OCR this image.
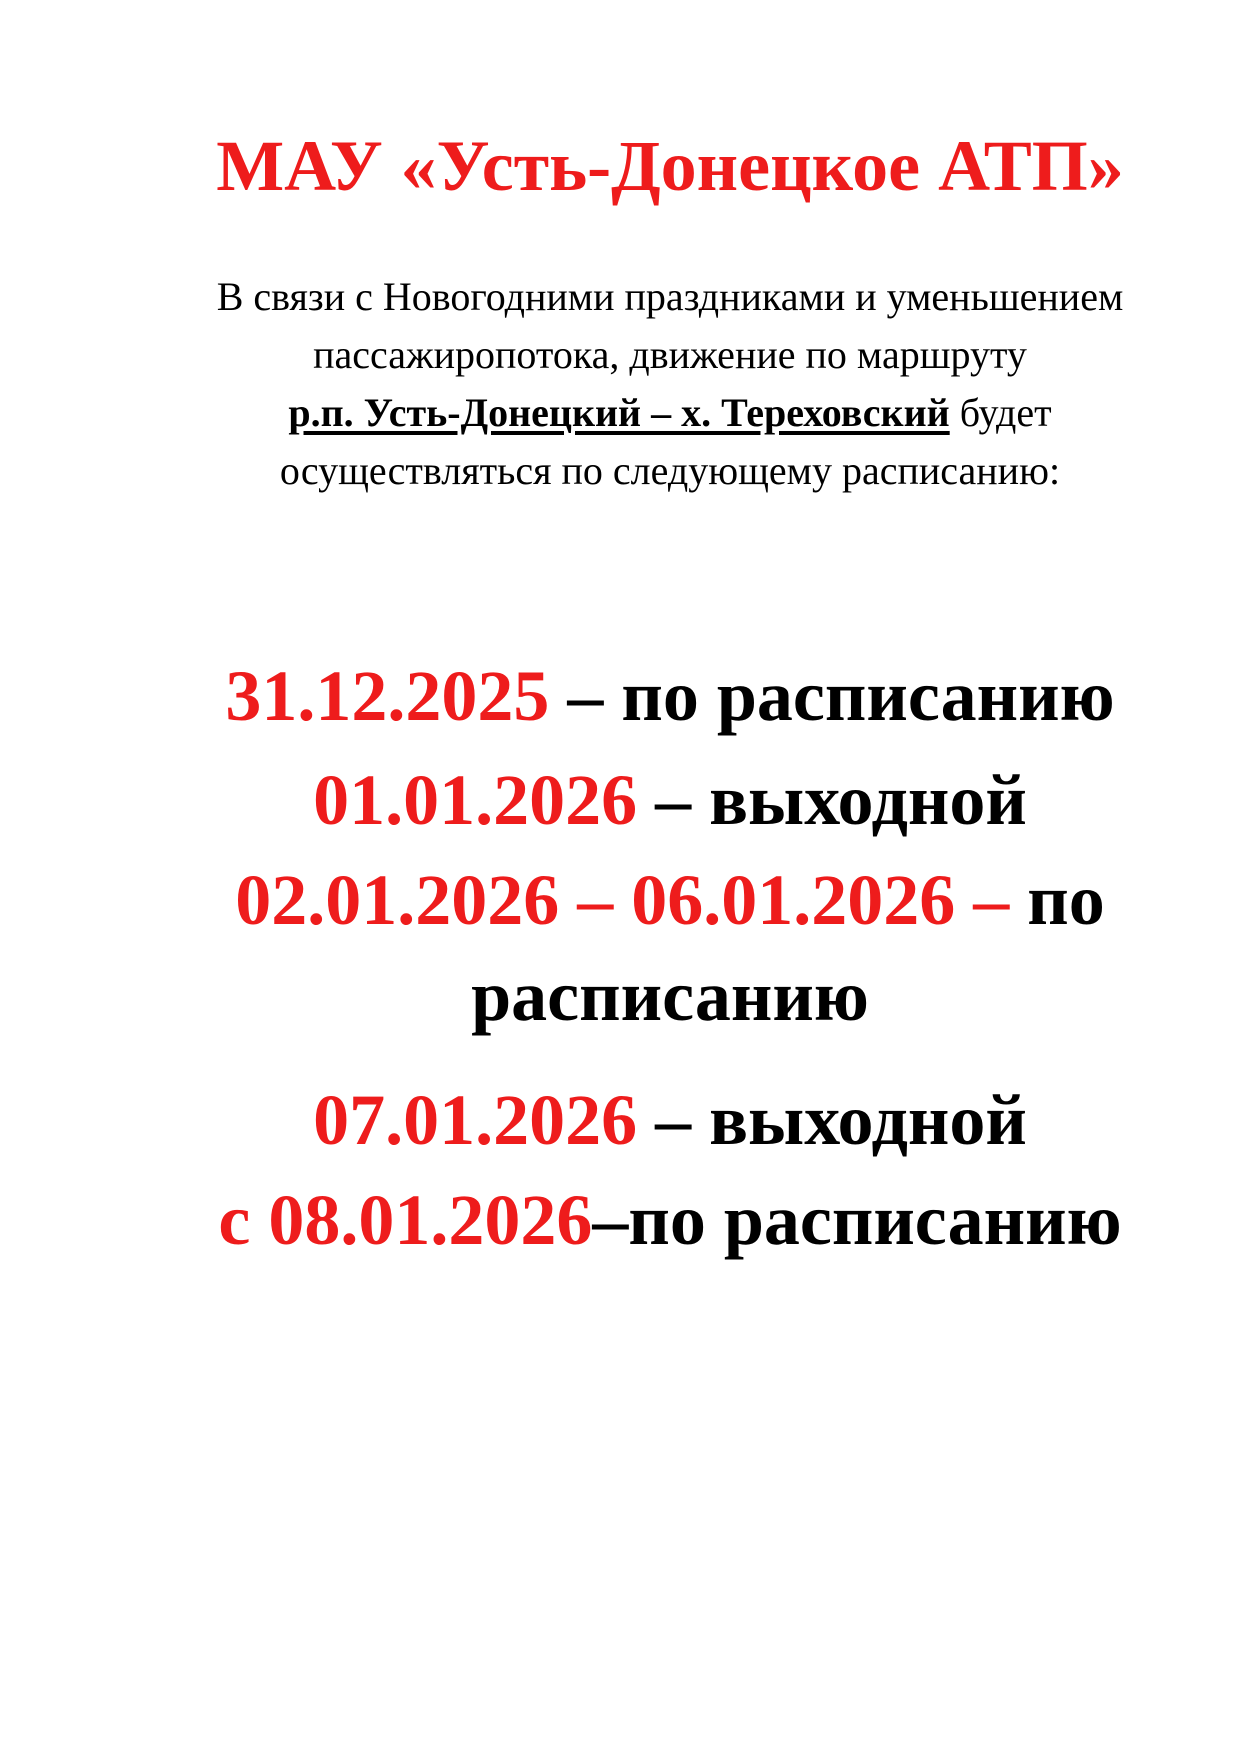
МАУ «Усть-Донецкое АТП»

В связи с Новогодними праздниками и уменьшением пассажиропотока, движение по маршруту
р.п. Усть-Донецкий – х. Тереховский будет осуществляться по следующему расписанию:

31.12.2025 – по расписанию

01.01.2026 – выходной

02.01.2026 – 06.01.2026 – по расписанию

07.01.2026 – выходной

с 08.01.2026–по расписанию
